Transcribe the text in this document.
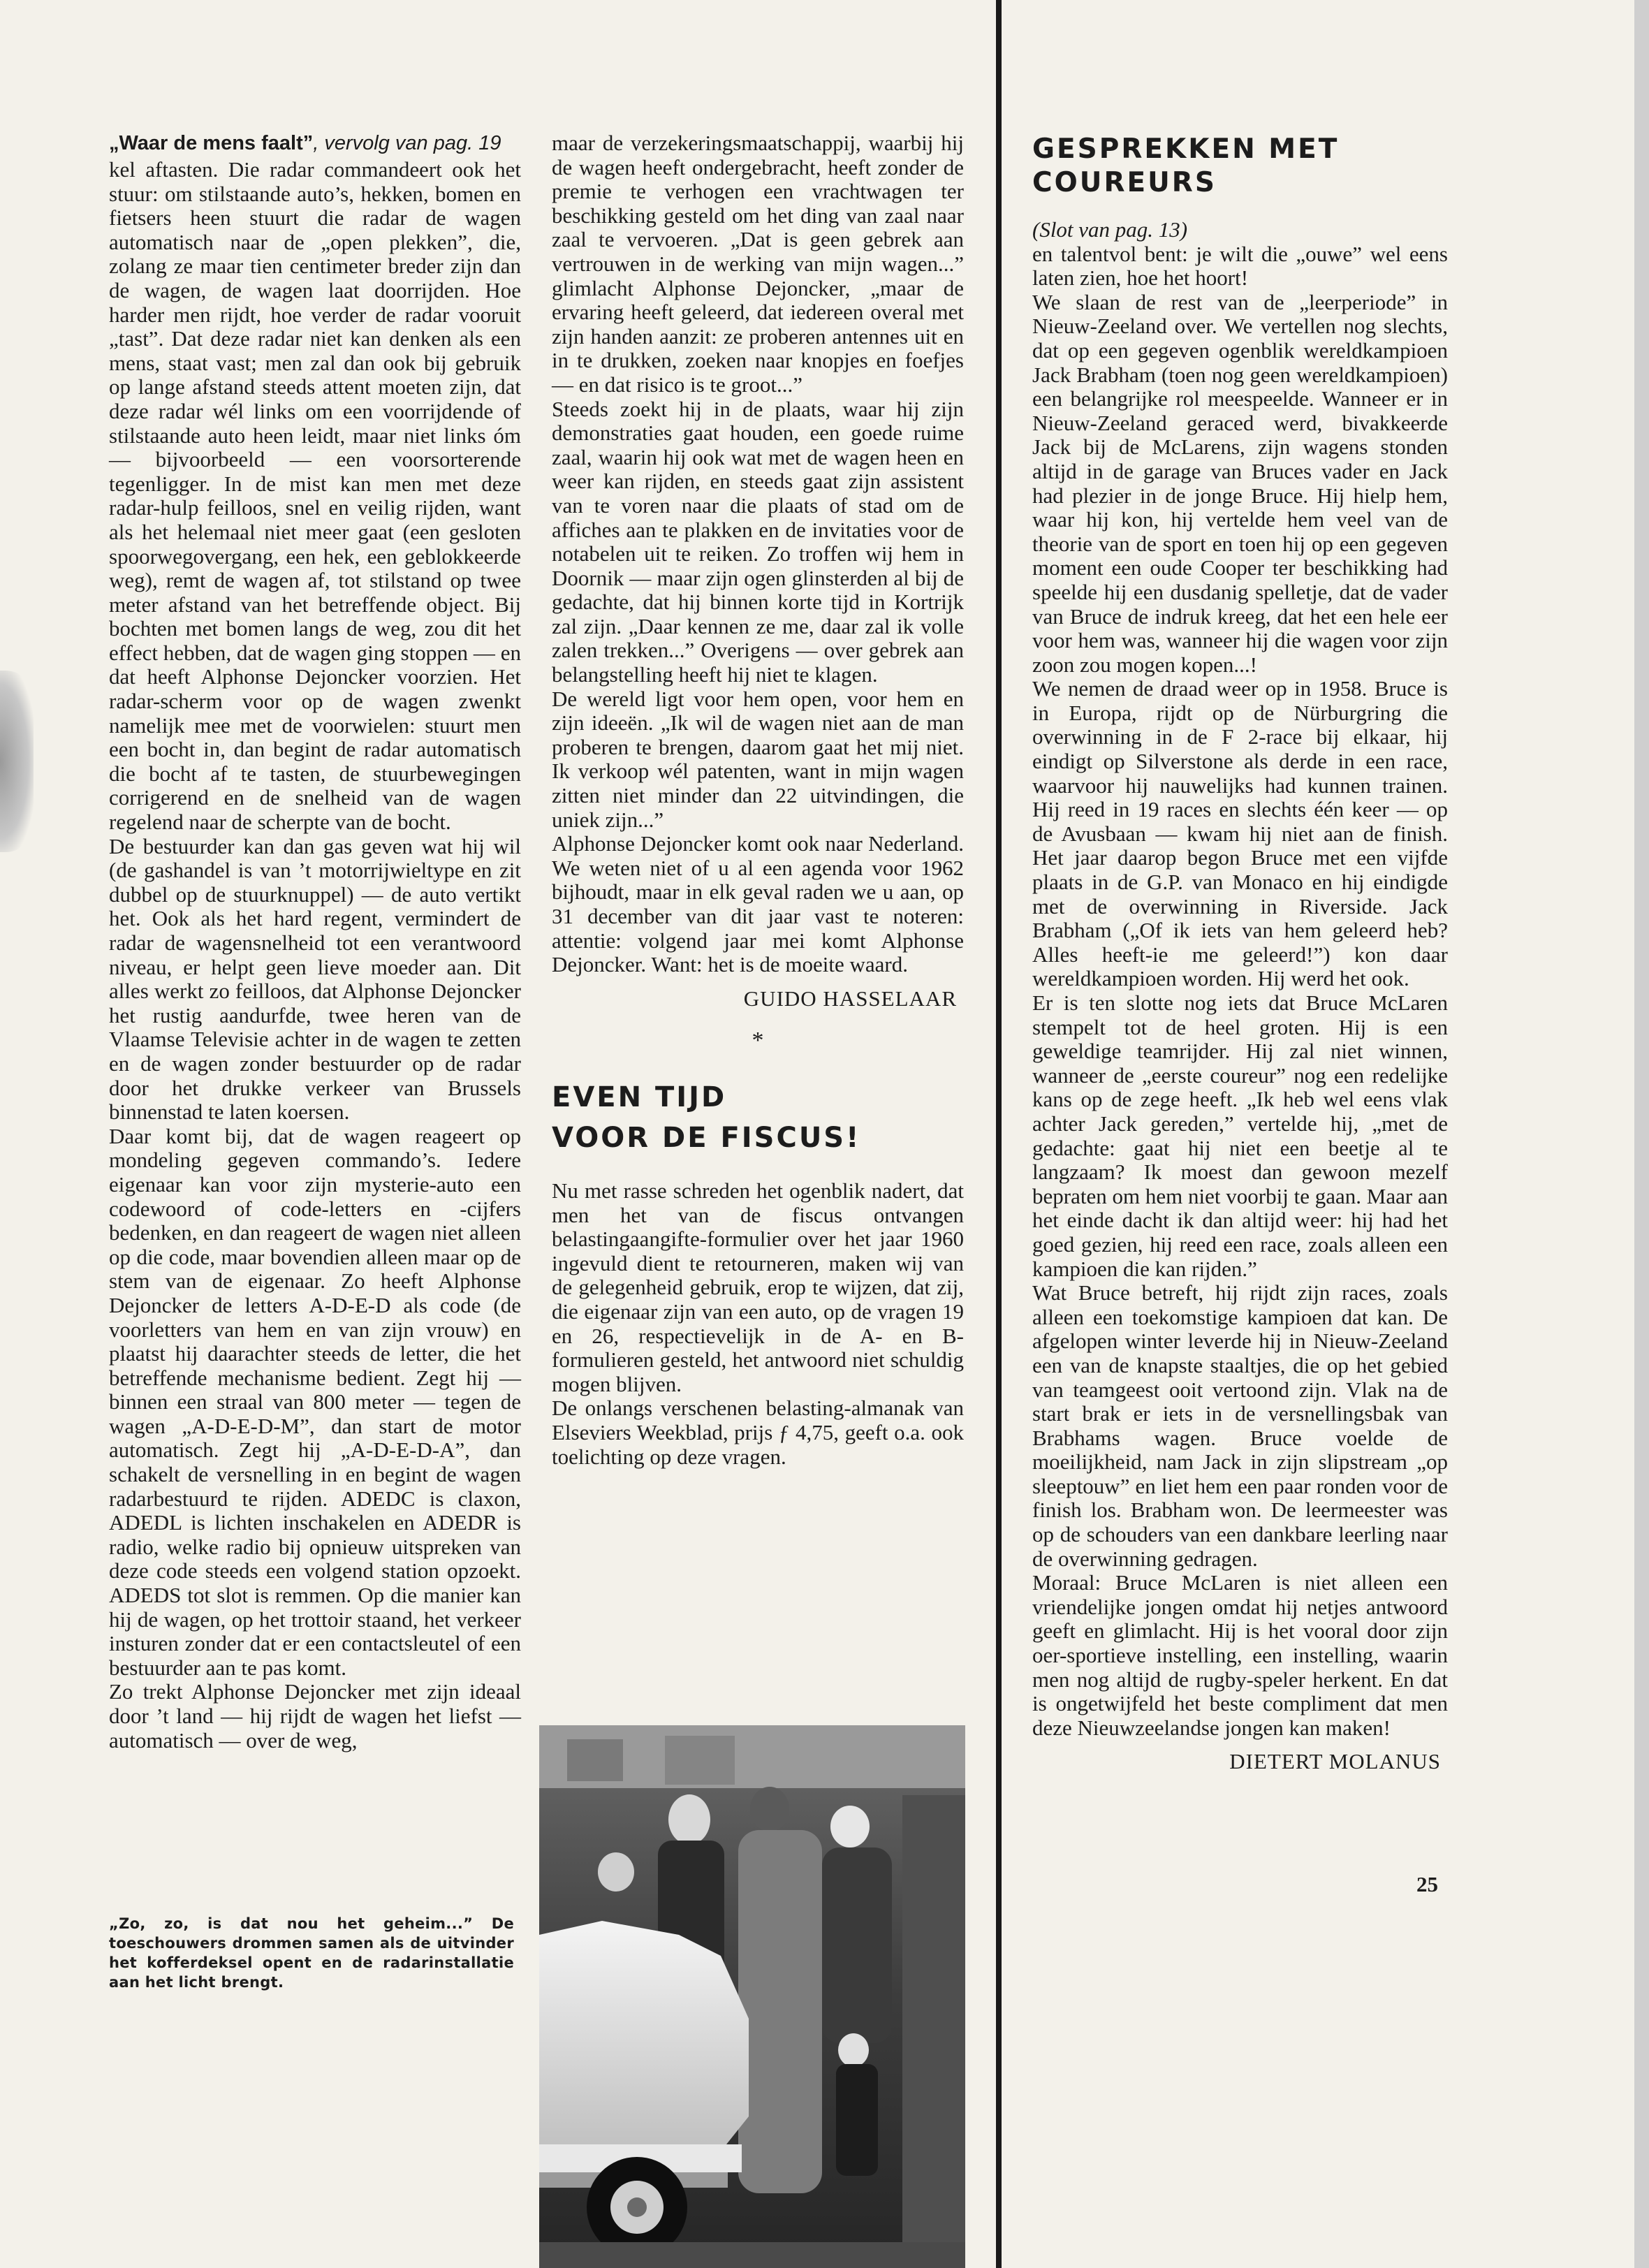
„Waar de mens faalt”, vervolg van pag. 19

kel aftasten. Die radar commandeert ook het stuur: om stilstaande auto’s, hekken, bomen en fietsers heen stuurt die radar de wagen automatisch naar de „open plekken”, die, zolang ze maar tien centimeter breder zijn dan de wagen, de wagen laat doorrijden. Hoe harder men rijdt, hoe verder de radar vooruit „tast”. Dat deze radar niet kan denken als een mens, staat vast; men zal dan ook bij gebruik op lange afstand steeds attent moeten zijn, dat deze radar wél links om een voorrijdende of stilstaande auto heen leidt, maar niet links óm — bijvoorbeeld — een voorsorterende tegenligger. In de mist kan men met deze radar-hulp feilloos, snel en veilig rijden, want als het helemaal niet meer gaat (een gesloten spoorwegovergang, een hek, een geblokkeerde weg), remt de wagen af, tot stilstand op twee meter afstand van het betreffende object. Bij bochten met bomen langs de weg, zou dit het effect hebben, dat de wagen ging stoppen — en dat heeft Alphonse Dejoncker voorzien. Het radar-scherm voor op de wagen zwenkt namelijk mee met de voorwielen: stuurt men een bocht in, dan begint de radar automatisch die bocht af te tasten, de stuurbewegingen corrigerend en de snelheid van de wagen regelend naar de scherpte van de bocht.

De bestuurder kan dan gas geven wat hij wil (de gashandel is van ’t motorrijwieltype en zit dubbel op de stuurknuppel) — de auto vertikt het. Ook als het hard regent, vermindert de radar de wagensnelheid tot een verantwoord niveau, er helpt geen lieve moeder aan. Dit alles werkt zo feilloos, dat Alphonse Dejoncker het rustig aandurfde, twee heren van de Vlaamse Televisie achter in de wagen te zetten en de wagen zonder bestuurder op de radar door het drukke verkeer van Brussels binnenstad te laten koersen.

Daar komt bij, dat de wagen reageert op mondeling gegeven commando’s. Iedere eigenaar kan voor zijn mysterie-auto een codewoord of code-letters en -cijfers bedenken, en dan reageert de wagen niet alleen op die code, maar bovendien alleen maar op de stem van de eigenaar. Zo heeft Alphonse Dejoncker de letters A-D-E-D als code (de voorletters van hem en van zijn vrouw) en plaatst hij daarachter steeds de letter, die het betreffende mechanisme bedient. Zegt hij — binnen een straal van 800 meter — tegen de wagen „A-D-E-D-M”, dan start de motor automatisch. Zegt hij „A-D-E-D-A”, dan schakelt de versnelling in en begint de wagen radarbestuurd te rijden. ADEDC is claxon, ADEDL is lichten inschakelen en ADEDR is radio, welke radio bij opnieuw uitspreken van deze code steeds een volgend station opzoekt. ADEDS tot slot is remmen. Op die manier kan hij de wagen, op het trottoir staand, het verkeer insturen zonder dat er een contactsleutel of een bestuurder aan te pas komt.

Zo trekt Alphonse Dejoncker met zijn ideaal door ’t land — hij rijdt de wagen het liefst — automatisch — over de weg,

„Zo, zo, is dat nou het geheim...” De toeschouwers drommen samen als de uitvinder het kofferdeksel opent en de radarinstallatie aan het licht brengt.

maar de verzekeringsmaatschappij, waarbij hij de wagen heeft ondergebracht, heeft zonder de premie te verhogen een vrachtwagen ter beschikking gesteld om het ding van zaal naar zaal te vervoeren. „Dat is geen gebrek aan vertrouwen in de werking van mijn wagen...” glimlacht Alphonse Dejoncker, „maar de ervaring heeft geleerd, dat iedereen overal met zijn handen aanzit: ze proberen antennes uit en in te drukken, zoeken naar knopjes en foefjes — en dat risico is te groot...”

Steeds zoekt hij in de plaats, waar hij zijn demonstraties gaat houden, een goede ruime zaal, waarin hij ook wat met de wagen heen en weer kan rijden, en steeds gaat zijn assistent van te voren naar die plaats of stad om de affiches aan te plakken en de invitaties voor de notabelen uit te reiken. Zo troffen wij hem in Doornik — maar zijn ogen glinsterden al bij de gedachte, dat hij binnen korte tijd in Kortrijk zal zijn. „Daar kennen ze me, daar zal ik volle zalen trekken...” Overigens — over gebrek aan belangstelling heeft hij niet te klagen.

De wereld ligt voor hem open, voor hem en zijn ideeën. „Ik wil de wagen niet aan de man proberen te brengen, daarom gaat het mij niet. Ik verkoop wél patenten, want in mijn wagen zitten niet minder dan 22 uitvindingen, die uniek zijn...”

Alphonse Dejoncker komt ook naar Nederland. We weten niet of u al een agenda voor 1962 bijhoudt, maar in elk geval raden we u aan, op 31 december van dit jaar vast te noteren: attentie: volgend jaar mei komt Alphonse Dejoncker. Want: het is de moeite waard.

GUIDO HASSELAAR
*
EVEN TIJD
VOOR DE FISCUS!

Nu met rasse schreden het ogenblik nadert, dat men het van de fiscus ontvangen belastingaangifte-formulier over het jaar 1960 ingevuld dient te retourneren, maken wij van de gelegenheid gebruik, erop te wijzen, dat zij, die eigenaar zijn van een auto, op de vragen 19 en 26, respectievelijk in de A- en B-formulieren gesteld, het antwoord niet schuldig mogen blijven.

De onlangs verschenen belasting-almanak van Elseviers Weekblad, prijs ƒ 4,75, geeft o.a. ook toelichting op deze vragen.

GESPREKKEN MET COUREURS

(Slot van pag. 13)

en talentvol bent: je wilt die „ouwe” wel eens laten zien, hoe het hoort!

We slaan de rest van de „leerperiode” in Nieuw-Zeeland over. We vertellen nog slechts, dat op een gegeven ogenblik wereldkampioen Jack Brabham (toen nog geen wereldkampioen) een belangrijke rol meespeelde. Wanneer er in Nieuw-Zeeland geraced werd, bivakkeerde Jack bij de McLarens, zijn wagens stonden altijd in de garage van Bruces vader en Jack had plezier in de jonge Bruce. Hij hielp hem, waar hij kon, hij vertelde hem veel van de theorie van de sport en toen hij op een gegeven moment een oude Cooper ter beschikking had speelde hij een dusdanig spelletje, dat de vader van Bruce de indruk kreeg, dat het een hele eer voor hem was, wanneer hij die wagen voor zijn zoon zou mogen kopen...!

We nemen de draad weer op in 1958. Bruce is in Europa, rijdt op de Nürburgring die overwinning in de F 2-race bij elkaar, hij eindigt op Silverstone als derde in een race, waarvoor hij nauwelijks had kunnen trainen. Hij reed in 19 races en slechts één keer — op de Avusbaan — kwam hij niet aan de finish. Het jaar daarop begon Bruce met een vijfde plaats in de G.P. van Monaco en hij eindigde met de overwinning in Riverside. Jack Brabham („Of ik iets van hem geleerd heb? Alles heeft-ie me geleerd!”) kon daar wereldkampioen worden. Hij werd het ook.

Er is ten slotte nog iets dat Bruce McLaren stempelt tot de heel groten. Hij is een geweldige teamrijder. Hij zal niet winnen, wanneer de „eerste coureur” nog een redelijke kans op de zege heeft. „Ik heb wel eens vlak achter Jack gereden,” vertelde hij, „met de gedachte: gaat hij niet een beetje al te langzaam? Ik moest dan gewoon mezelf bepraten om hem niet voorbij te gaan. Maar aan het einde dacht ik dan altijd weer: hij had het goed gezien, hij reed een race, zoals alleen een kampioen die kan rijden.”

Wat Bruce betreft, hij rijdt zijn races, zoals alleen een toekomstige kampioen dat kan. De afgelopen winter leverde hij in Nieuw-Zeeland een van de knapste staaltjes, die op het gebied van teamgeest ooit vertoond zijn. Vlak na de start brak er iets in de versnellingsbak van Brabhams wagen. Bruce voelde de moeilijkheid, nam Jack in zijn slipstream „op sleeptouw” en liet hem een paar ronden voor de finish los. Brabham won. De leermeester was op de schouders van een dankbare leerling naar de overwinning gedragen.

Moraal: Bruce McLaren is niet alleen een vriendelijke jongen omdat hij netjes antwoord geeft en glimlacht. Hij is het vooral door zijn oer-sportieve instelling, een instelling, waarin men nog altijd de rugby-speler herkent. En dat is ongetwijfeld het beste compliment dat men deze Nieuwzeelandse jongen kan maken!

DIETERT MOLANUS
25
